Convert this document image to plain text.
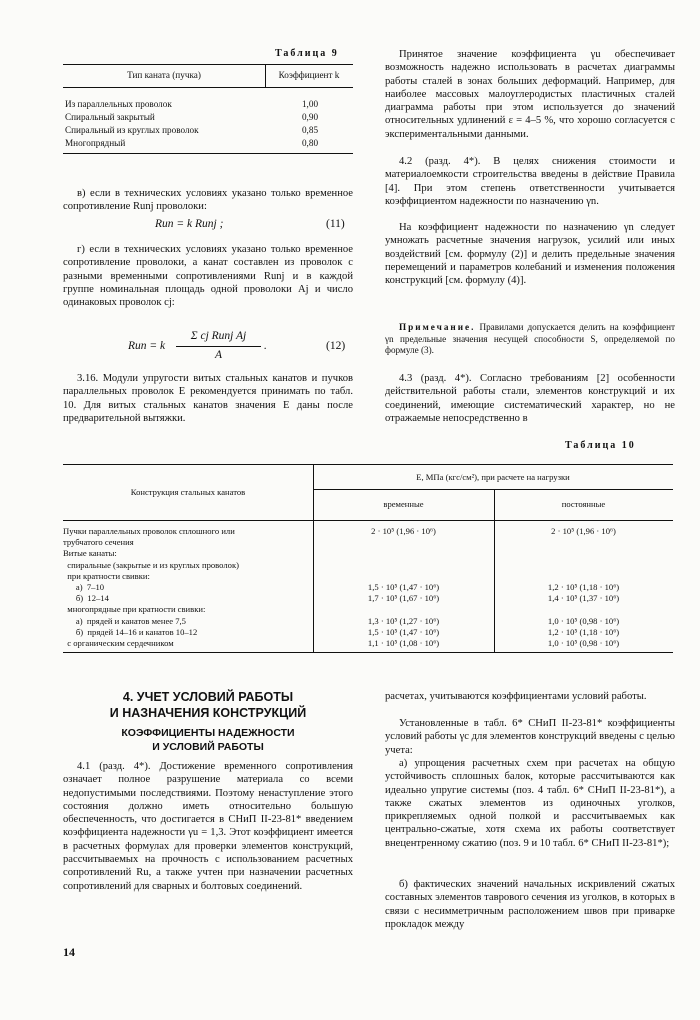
Таблица 9
Тип каната (пучка)	Коэффициент k
Из параллельных проволок	1,00
Спиральный закрытый	0,90
Спиральный из круглых проволок	0,85
Многопрядный	0,80

в) если в технических условиях указано только временное сопротивление Runj проволоки:

Run = k Runj ;	(11)

г) если в технических условиях указано только временное сопротивление проволоки, а канат составлен из проволок с разными временными сопротивлениями Runj и в каждой группе номинальная площадь одной проволоки Aj и число одинаковых проволок cj:

Run = k
Σ cj Runj Aj
A
.	(12)

3.16. Модули упругости витых стальных канатов и пучков параллельных проволок E рекомендуется принимать по табл. 10. Для витых стальных канатов значения E даны после предварительной вытяжки.

Принятое значение коэффициента γu обеспечивает возможность надежно использовать в расчетах диаграммы работы сталей в зонах больших деформаций. Например, для наиболее массовых малоуглеродистых пластичных сталей диаграмма работы при этом используется до значений относительных удлинений ε = 4–5 %, что хорошо согласуется с экспериментальными данными.

4.2 (разд. 4*). В целях снижения стоимости и материалоемкости строительства введены в действие Правила [4]. При этом степень ответственности учитывается коэффициентом надежности по назначению γn.

На коэффициент надежности по назначению γn следует умножать расчетные значения нагрузок, усилий или иных воздействий [см. формулу (2)] и делить предельные значения перемещений и параметров колебаний и изменения положения конструкций [см. формулу (4)].

Примечание. Правилами допускается делить на коэффициент γn предельные значения несущей способности S, определяемой по формуле (3).

4.3 (разд. 4*). Согласно требованиям [2] особенности действительной работы стали, элементов конструкций и их соединений, имеющие систематический характер, но не отражаемые непосредственно в

Таблица 10
Конструкция стальных канатов
E, МПа (кгс/см²), при расчете на нагрузки
временные	постоянные
Пучки параллельных проволок сплошного или	2 · 10⁵ (1,96 · 10⁶)	2 · 10⁵ (1,96 · 10⁶)
трубчатого сечения
Витые канаты:
спиральные (закрытые и из круглых проволок)
при кратности свивки:
а)  7–10	1,5 · 10⁵ (1,47 · 10⁶)	1,2 · 10⁵ (1,18 · 10⁶)
б)  12–14	1,7 · 10⁵ (1,67 · 10⁶)	1,4 · 10⁵ (1,37 · 10⁶)
многопрядные при кратности свивки:
а)  прядей и канатов менее 7,5	1,3 · 10⁵ (1,27 · 10⁶)	1,0 · 10⁵ (0,98 · 10⁶)
б)  прядей 14–16 и канатов 10–12	1,5 · 10⁵ (1,47 · 10⁶)	1,2 · 10⁵ (1,18 · 10⁶)
с органическим сердечником	1,1 · 10⁵ (1,08 · 10⁶)	1,0 · 10⁵ (0,98 · 10⁶)
4. УЧЕТ УСЛОВИЙ РАБОТЫ
И НАЗНАЧЕНИЯ КОНСТРУКЦИЙ
КОЭФФИЦИЕНТЫ НАДЕЖНОСТИ
И УСЛОВИЙ РАБОТЫ

4.1 (разд. 4*). Достижение временного сопротивления означает полное разрушение материала со всеми недопустимыми последствиями. Поэтому ненаступление этого состояния должно иметь относительно большую обеспеченность, что достигается в СНиП II-23-81* введением коэффициента надежности γu = 1,3. Этот коэффициент имеется в расчетных формулах для проверки элементов конструкций, рассчитываемых на прочность с использованием расчетных сопротивлений Ru, а также учтен при назначении расчетных сопротивлений для сварных и болтовых соединений.

14

расчетах, учитываются коэффициентами условий работы.

Установленные в табл. 6* СНиП II-23-81* коэффициенты условий работы γc для элементов конструкций введены с целью учета:

а) упрощения расчетных схем при расчетах на общую устойчивость сплошных балок, которые рассчитываются как идеально упругие системы (поз. 4 табл. 6* СНиП II-23-81*), а также сжатых элементов из одиночных уголков, прикрепляемых одной полкой и рассчитываемых как центрально-сжатые, хотя схема их работы соответствует внецентренному сжатию (поз. 9 и 10 табл. 6* СНиП II-23-81*);

б) фактических значений начальных искривлений сжатых составных элементов таврового сечения из уголков, в которых в связи с несимметричным расположением швов при приварке прокладок между
